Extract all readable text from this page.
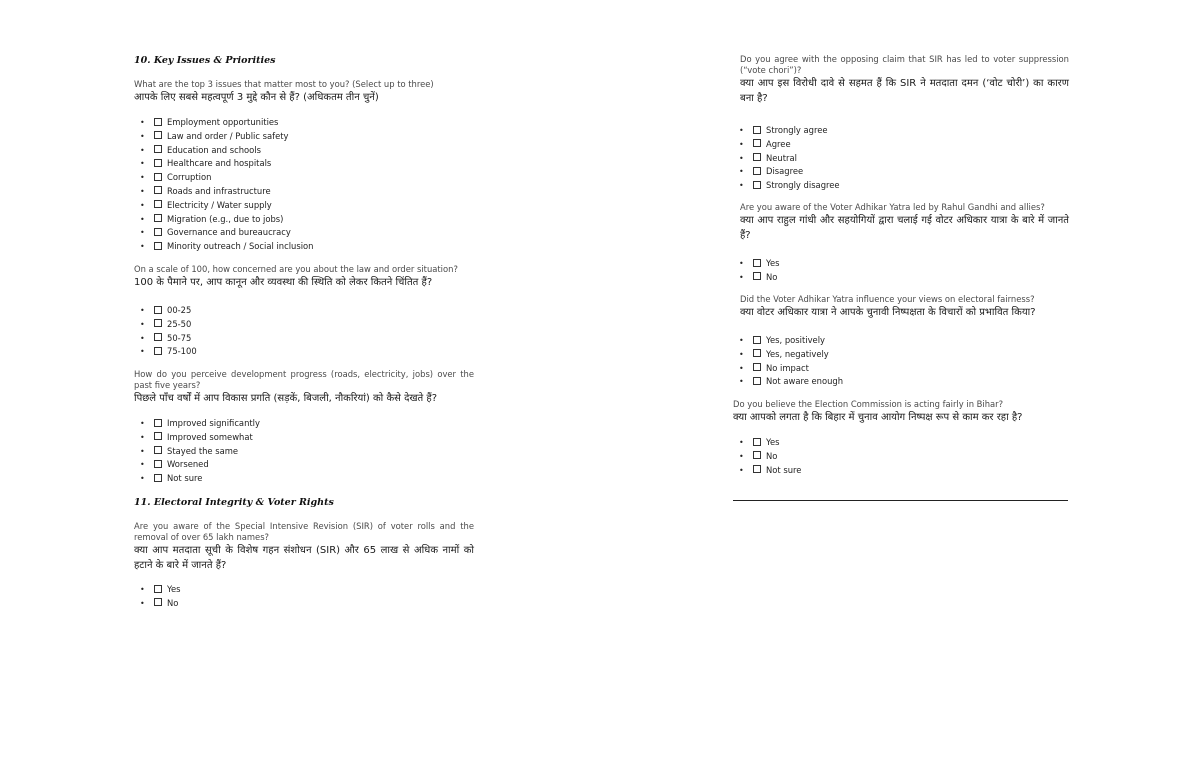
10. Key Issues & Priorities
What are the top 3 issues that matter most to you? (Select up to three)
आपके लिए सबसे महत्वपूर्ण 3 मुद्दे कौन से हैं? (अधिकतम तीन चुनें)
•	Employment opportunities
•	Law and order / Public safety
•	Education and schools
•	Healthcare and hospitals
•	Corruption
•	Roads and infrastructure
•	Electricity / Water supply
•	Migration (e.g., due to jobs)
•	Governance and bureaucracy
•	Minority outreach / Social inclusion
On a scale of 100, how concerned are you about the law and order situation?
100 के पैमाने पर, आप कानून और व्यवस्था की स्थिति को लेकर कितने चिंतित हैं?
•	00-25
•	25-50
•	50-75
•	75-100
How do you perceive development progress (roads, electricity, jobs) over the past five years?
पिछले पाँच वर्षों में आप विकास प्रगति (सड़कें, बिजली, नौकरियां) को कैसे देखते हैं?
•	Improved significantly
•	Improved somewhat
•	Stayed the same
•	Worsened
•	Not sure
11. Electoral Integrity & Voter Rights
Are you aware of the Special Intensive Revision (SIR) of voter rolls and the removal of over 65 lakh names?
क्या आप मतदाता सूची के विशेष गहन संशोधन (SIR) और 65 लाख से अधिक नामों को हटाने के बारे में जानते हैं?
•	Yes
•	No
Do you agree with the opposing claim that SIR has led to voter suppression (“vote chori”)?
क्या आप इस विरोधी दावे से सहमत हैं कि SIR ने मतदाता दमन (‘वोट चोरी’) का कारण बना है?
•	Strongly agree
•	Agree
•	Neutral
•	Disagree
•	Strongly disagree
Are you aware of the Voter Adhikar Yatra led by Rahul Gandhi and allies?
क्या आप राहुल गांधी और सहयोगियों द्वारा चलाई गई वोटर अधिकार यात्रा के बारे में जानते हैं?
•	Yes
•	No
Did the Voter Adhikar Yatra influence your views on electoral fairness?
क्या वोटर अधिकार यात्रा ने आपके चुनावी निष्पक्षता के विचारों को प्रभावित किया?
•	Yes, positively
•	Yes, negatively
•	No impact
•	Not aware enough
Do you believe the Election Commission is acting fairly in Bihar?
क्या आपको लगता है कि बिहार में चुनाव आयोग निष्पक्ष रूप से काम कर रहा है?
•	Yes
•	No
•	Not sure
